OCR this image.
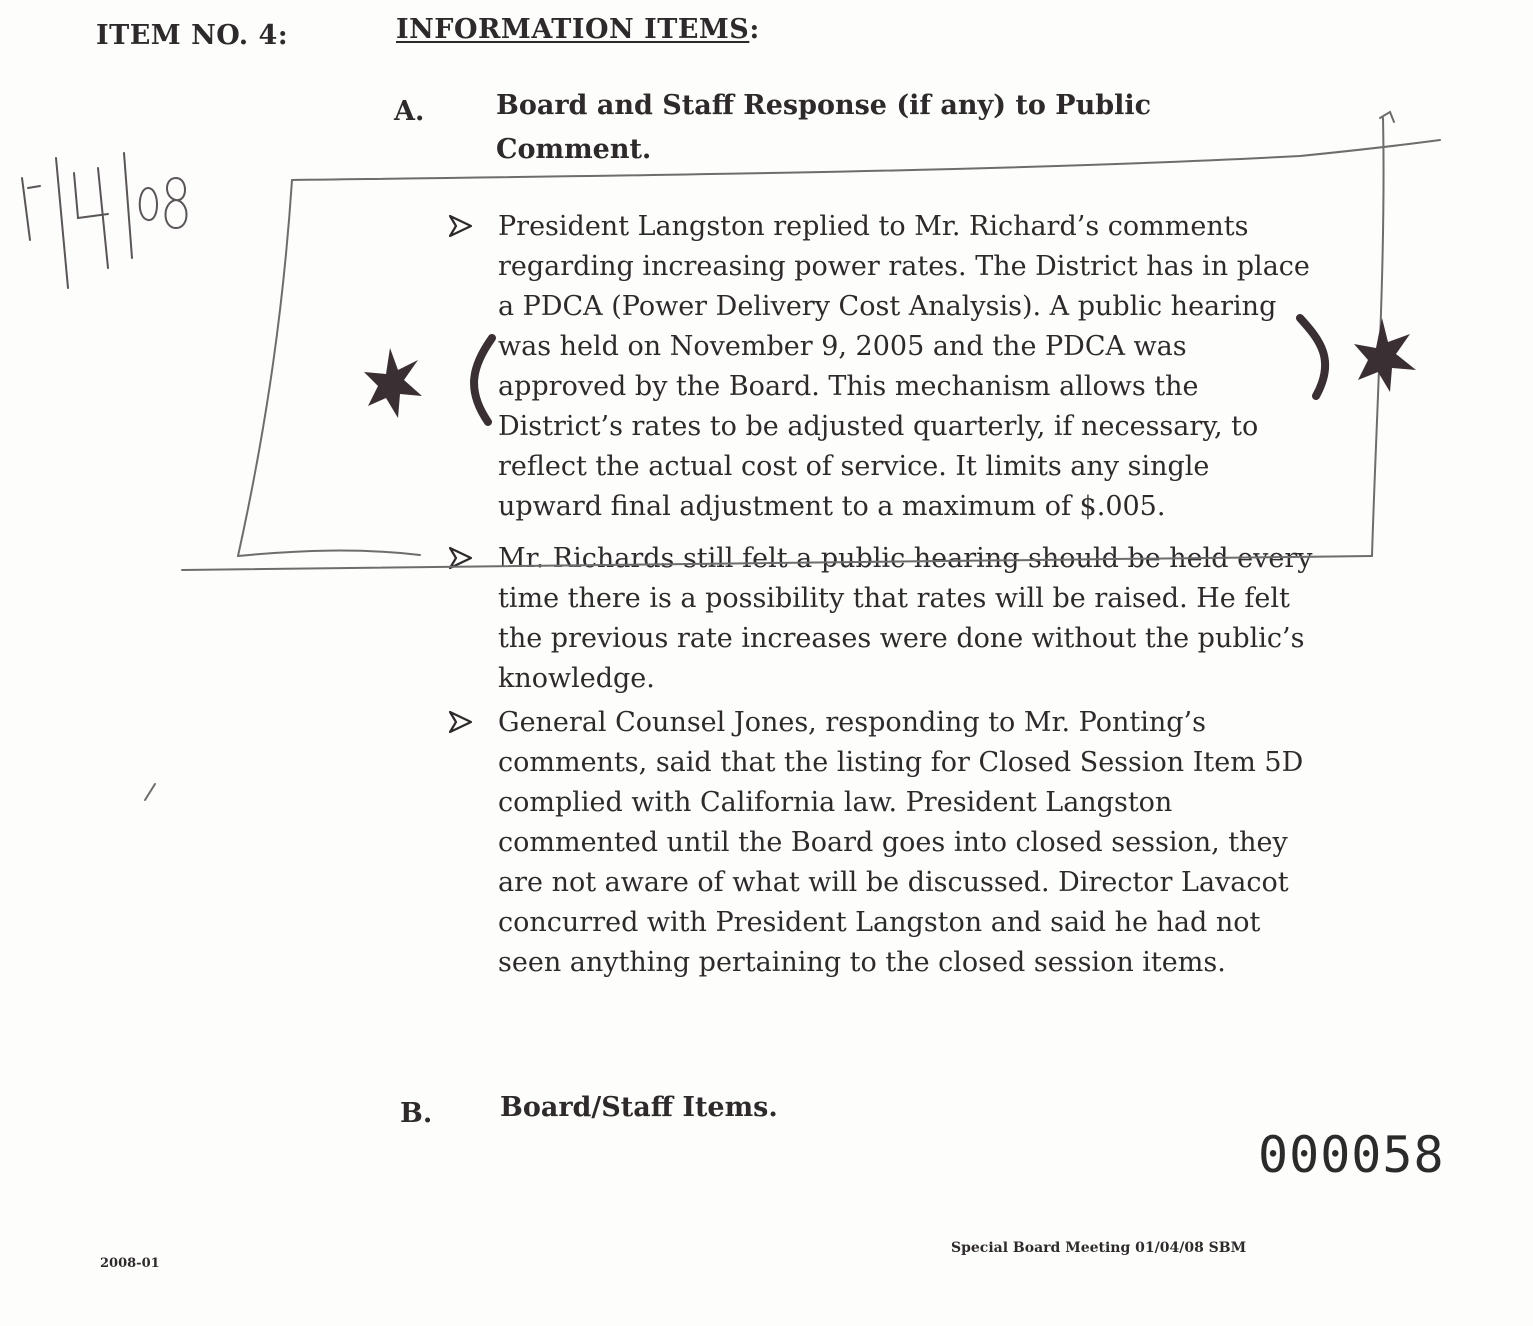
ITEM NO. 4:	INFORMATION ITEMS:
A.	Board and Staff Response (if any) to Public
Comment.
President Langston replied to Mr. Richard’s comments regarding increasing power rates. The District has in place a PDCA (Power Delivery Cost Analysis). A public hearing was held on November 9, 2005 and the PDCA was approved by the Board. This mechanism allows the District’s rates to be adjusted quarterly, if necessary, to reflect the actual cost of service. It limits any single upward final adjustment to a maximum of $.005.
Mr. Richards still felt a public hearing should be held every time there is a possibility that rates will be raised. He felt the previous rate increases were done without the public’s knowledge.
General Counsel Jones, responding to Mr. Ponting’s comments, said that the listing for Closed Session Item 5D complied with California law. President Langston commented until the Board goes into closed session, they are not aware of what will be discussed. Director Lavacot concurred with President Langston and said he had not seen anything pertaining to the closed session items.
B.	Board/Staff Items.
000058
2008-01
Special Board Meeting 01/04/08 SBM
